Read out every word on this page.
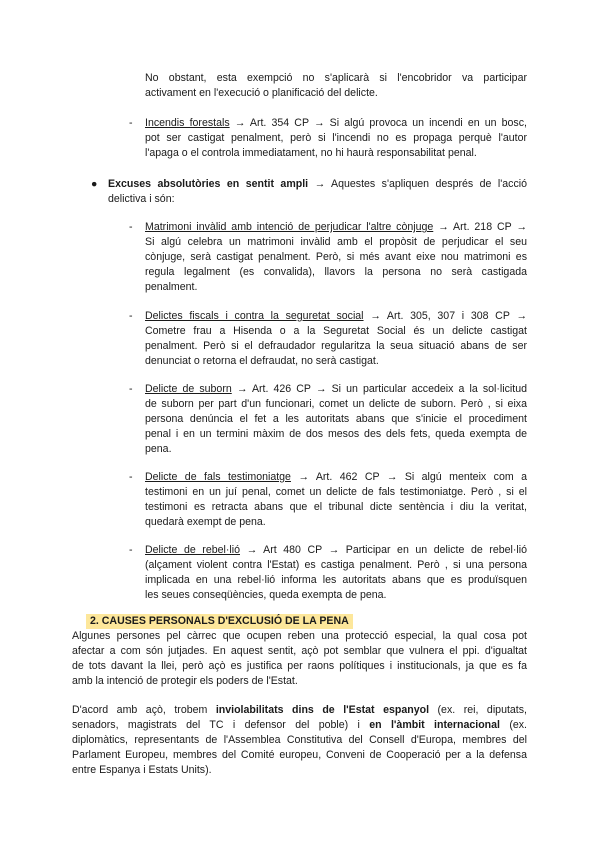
No obstant, esta exempció no s'aplicarà si l'encobridor va participar
activament en l'execució o planificació del delicte.
- Incendis forestals → Art. 354 CP → Si algú provoca un incendi en un bosc,
pot ser castigat penalment, però si l'incendi no es propaga perquè l'autor
l'apaga o el controla immediatament, no hi haurà responsabilitat penal.
● Excuses absolutòries en sentit ampli → Aquestes s'apliquen després de l'acció
delictiva i són:
- Matrimoni invàlid amb intenció de perjudicar l'altre cònjuge → Art. 218 CP →
Si algú celebra un matrimoni invàlid amb el propòsit de perjudicar el seu
cònjuge, serà castigat penalment. Però, si més avant eixe nou matrimoni es
regula legalment (es convalida), llavors la persona no serà castigada
penalment.
- Delictes fiscals i contra la seguretat social → Art. 305, 307 i 308 CP →
Cometre frau a Hisenda o a la Seguretat Social és un delicte castigat
penalment. Però si el defraudador regularitza la seua situació abans de ser
denunciat o retorna el defraudat, no serà castigat.
- Delicte de suborn → Art. 426 CP → Si un particular accedeix a la sol·licitud
de suborn per part d'un funcionari, comet un delicte de suborn. Però , si eixa
persona denúncia el fet a les autoritats abans que s'inicie el procediment
penal i en un termini màxim de dos mesos des dels fets, queda exempta de
pena.
- Delicte de fals testimoniatge → Art. 462 CP → Si algú menteix com a
testimoni en un juí penal, comet un delicte de fals testimoniatge. Però , si el
testimoni es retracta abans que el tribunal dicte sentència i diu la veritat,
quedarà exempt de pena.
- Delicte de rebel·lió → Art 480 CP → Participar en un delicte de rebel·lió
(alçament violent contra l'Estat) es castiga penalment. Però , si una persona
implicada en una rebel·lió informa les autoritats abans que es produïsquen
les seues conseqüències, queda exempta de pena.
2. CAUSES PERSONALS D'EXCLUSIÓ DE LA PENA
Algunes persones pel càrrec que ocupen reben una protecció especial, la qual cosa pot
afectar a com són jutjades. En aquest sentit, açò pot semblar que vulnera el ppi. d'igualtat
de tots davant la llei, però açò es justifica per raons polítiques i institucionals, ja que es fa
amb la intenció de protegir els poders de l'Estat.
D'acord amb açò, trobem inviolabilitats dins de l'Estat espanyol (ex. rei, diputats,
senadors, magistrats del TC i defensor del poble) i en l'àmbit internacional (ex.
diplomàtics, representants de l'Assemblea Constitutiva del Consell d'Europa, membres del
Parlament Europeu, membres del Comité europeu, Conveni de Cooperació per a la defensa
entre Espanya i Estats Units).
